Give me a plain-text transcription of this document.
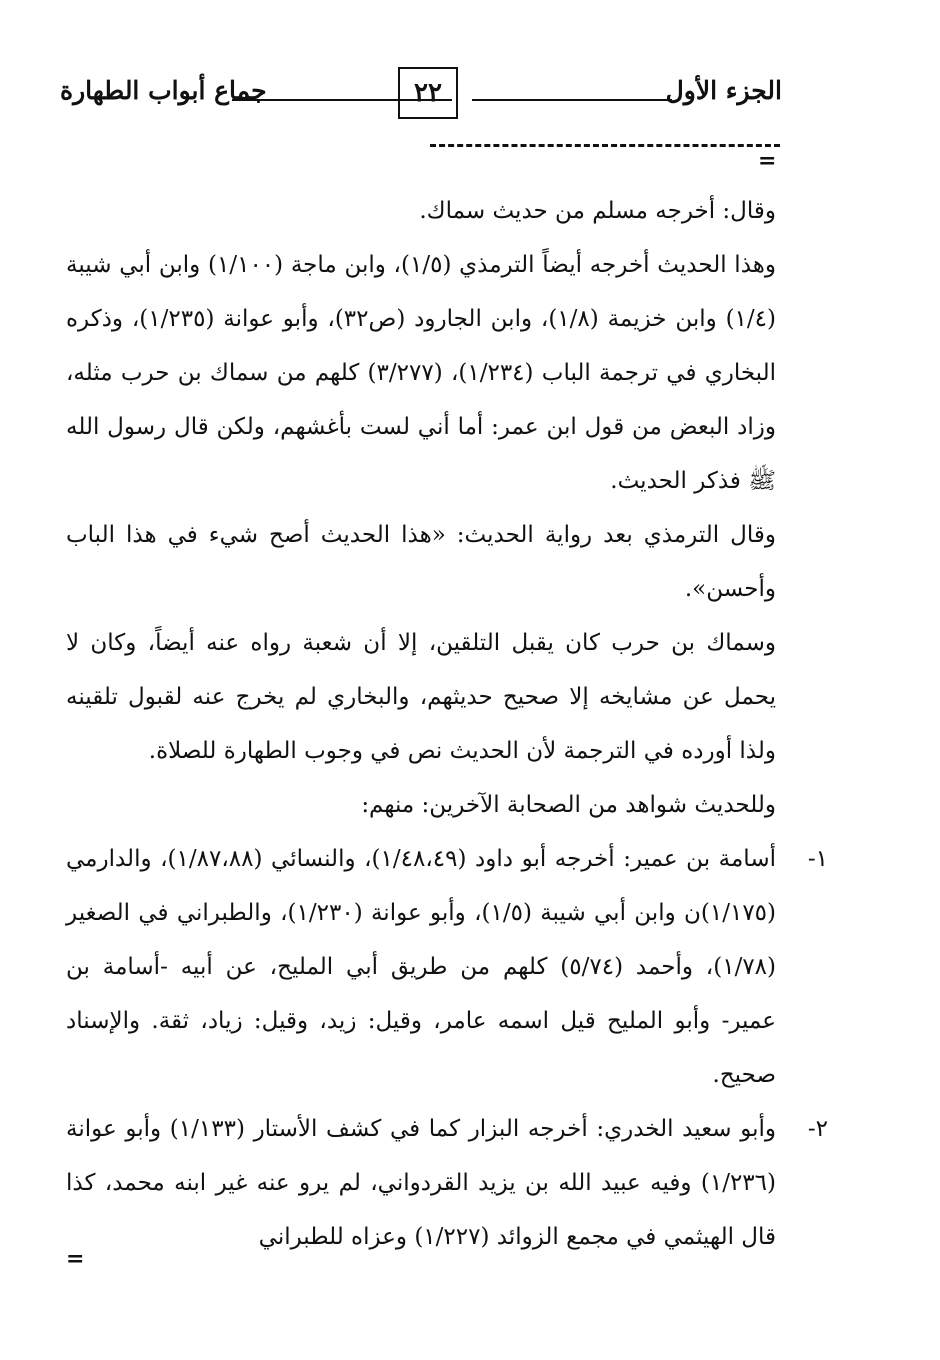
الجزء الأول
٢٢
جماع أبواب الطهارة
=

وقال: أخرجه مسلم من حديث سماك.

وهذا الحديث أخرجه أيضاً الترمذي (١/٥)، وابن ماجة (١/١٠٠) وابن أبي شيبة (١/٤) وابن خزيمة (١/٨)، وابن الجارود (ص٣٢)، وأبو عوانة (١/٢٣٥)، وذكره البخاري في ترجمة الباب (١/٢٣٤)، (٣/٢٧٧) كلهم من سماك بن حرب مثله، وزاد البعض من قول ابن عمر: أما أني لست بأغشهم، ولكن قال رسول الله ﷺ فذكر الحديث.

وقال الترمذي بعد رواية الحديث: «هذا الحديث أصح شيء في هذا الباب وأحسن».

وسماك بن حرب كان يقبل التلقين، إلا أن شعبة رواه عنه أيضاً، وكان لا يحمل عن مشايخه إلا صحيح حديثهم، والبخاري لم يخرج عنه لقبول تلقينه ولذا أورده في الترجمة لأن الحديث نص في وجوب الطهارة للصلاة.

وللحديث شواهد من الصحابة الآخرين: منهم:

١-
أسامة بن عمير: أخرجه أبو داود (١/٤٨،٤٩)، والنسائي (١/٨٧،٨٨)، والدارمي (١/١٧٥)ن وابن أبي شيبة (١/٥)، وأبو عوانة (١/٢٣٠)، والطبراني في الصغير (١/٧٨)، وأحمد (٥/٧٤) كلهم من طريق أبي المليح، عن أبيه -أسامة بن عمير- وأبو المليح قيل اسمه عامر، وقيل: زيد، وقيل: زياد، ثقة. والإسناد صحيح.
٢-
وأبو سعيد الخدري: أخرجه البزار كما في كشف الأستار (١/١٣٣) وأبو عوانة (١/٢٣٦) وفيه عبيد الله بن يزيد القردواني، لم يرو عنه غير ابنه محمد، كذا قال الهيثمي في مجمع الزوائد (١/٢٢٧) وعزاه للطبراني
=
